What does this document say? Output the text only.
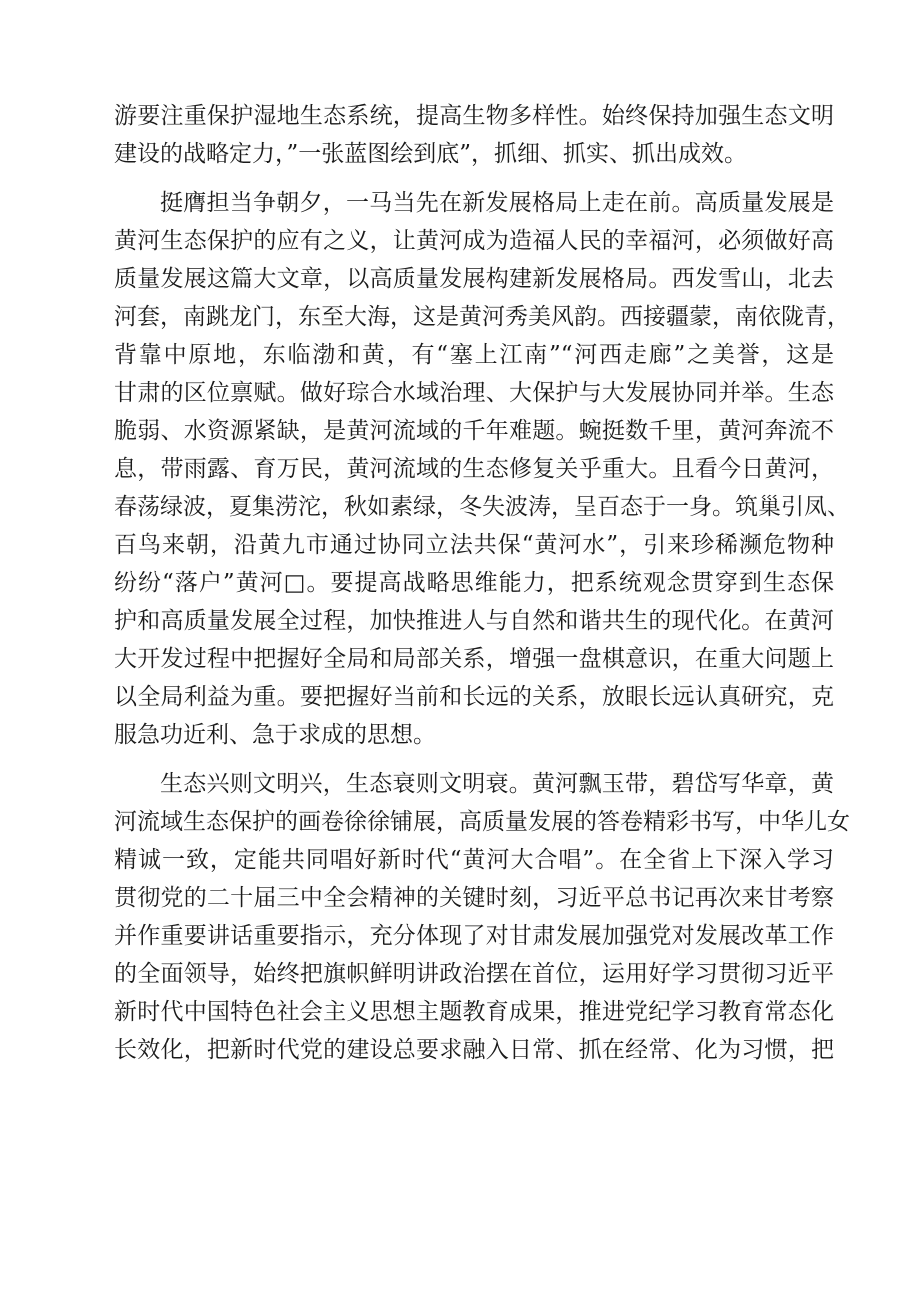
游要注重保护湿地生态系统，提高生物多样性。始终保持加强生态文明
建设的战略定力，”一张蓝图绘到底”，抓细、抓实、抓出成效。
挺膺担当争朝夕，一马当先在新发展格局上走在前。高质量发展是
黄河生态保护的应有之义，让黄河成为造福人民的幸福河，必须做好高
质量发展这篇大文章，以高质量发展构建新发展格局。西发雪山，北去
河套，南跳龙门，东至大海，这是黄河秀美风韵。西接疆蒙，南依陇青，
背靠中原地，东临渤和黄，有“塞上江南”“河西走廊”之美誉，这是
甘肃的区位禀赋。做好琮合水域治理、大保护与大发展协同并举。生态
脆弱、水资源紧缺，是黄河流域的千年难题。蜿挺数千里，黄河奔流不
息，带雨露、育万民，黄河流域的生态修复关乎重大。且看今日黄河，
春荡绿波，夏集涝沱，秋如素绿，冬失波涛，呈百态于一身。筑巢引凤、
百鸟来朝，沿黄九市通过协同立法共保“黄河水”，引来珍稀濒危物种
纷纷“落户”黄河□。要提高战略思维能力，把系统观念贯穿到生态保
护和高质量发展全过程，加快推进人与自然和谐共生的现代化。在黄河
大开发过程中把握好全局和局部关系，增强一盘棋意识，在重大问题上
以全局利益为重。要把握好当前和长远的关系，放眼长远认真研究，克
服急功近利、急于求成的思想。
生态兴则文明兴，生态衰则文明衰。黄河飘玉带，碧岱写华章，黄
河流域生态保护的画卷徐徐铺展，高质量发展的答卷精彩书写，中华儿女
精诚一致，定能共同唱好新时代“黄河大合唱”。在全省上下深入学习
贯彻党的二十届三中全会精神的关键时刻，习近平总书记再次来甘考察
并作重要讲话重要指示，充分体现了对甘肃发展加强党对发展改革工作
的全面领导，始终把旗帜鲜明讲政治摆在首位，运用好学习贯彻习近平
新时代中国特色社会主义思想主题教育成果，推进党纪学习教育常态化
长效化，把新时代党的建设总要求融入日常、抓在经常、化为习惯，把
